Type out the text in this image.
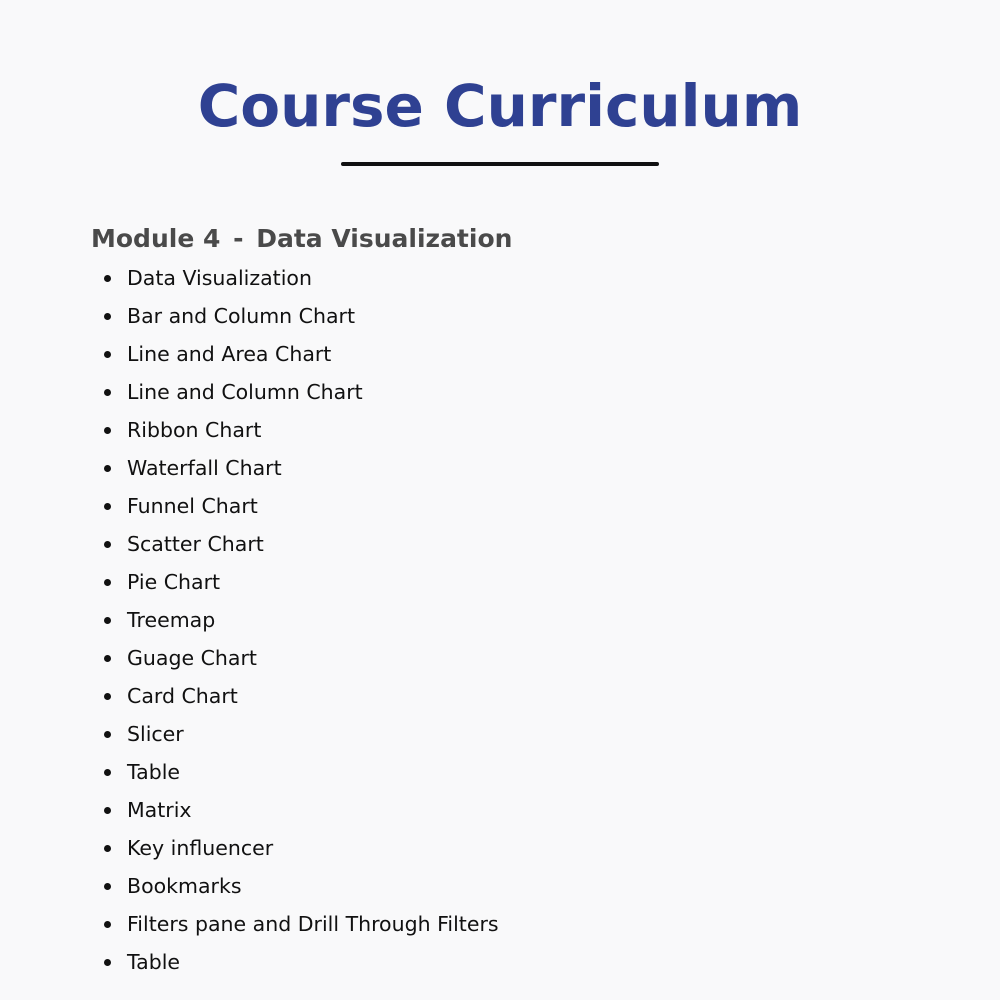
Course Curriculum
Module 4 - Data Visualization
Data Visualization
Bar and Column Chart
Line and Area Chart
Line and Column Chart
Ribbon Chart
Waterfall Chart
Funnel Chart
Scatter Chart
Pie Chart
Treemap
Guage Chart
Card Chart
Slicer
Table
Matrix
Key influencer
Bookmarks
Filters pane and Drill Through Filters
Table
